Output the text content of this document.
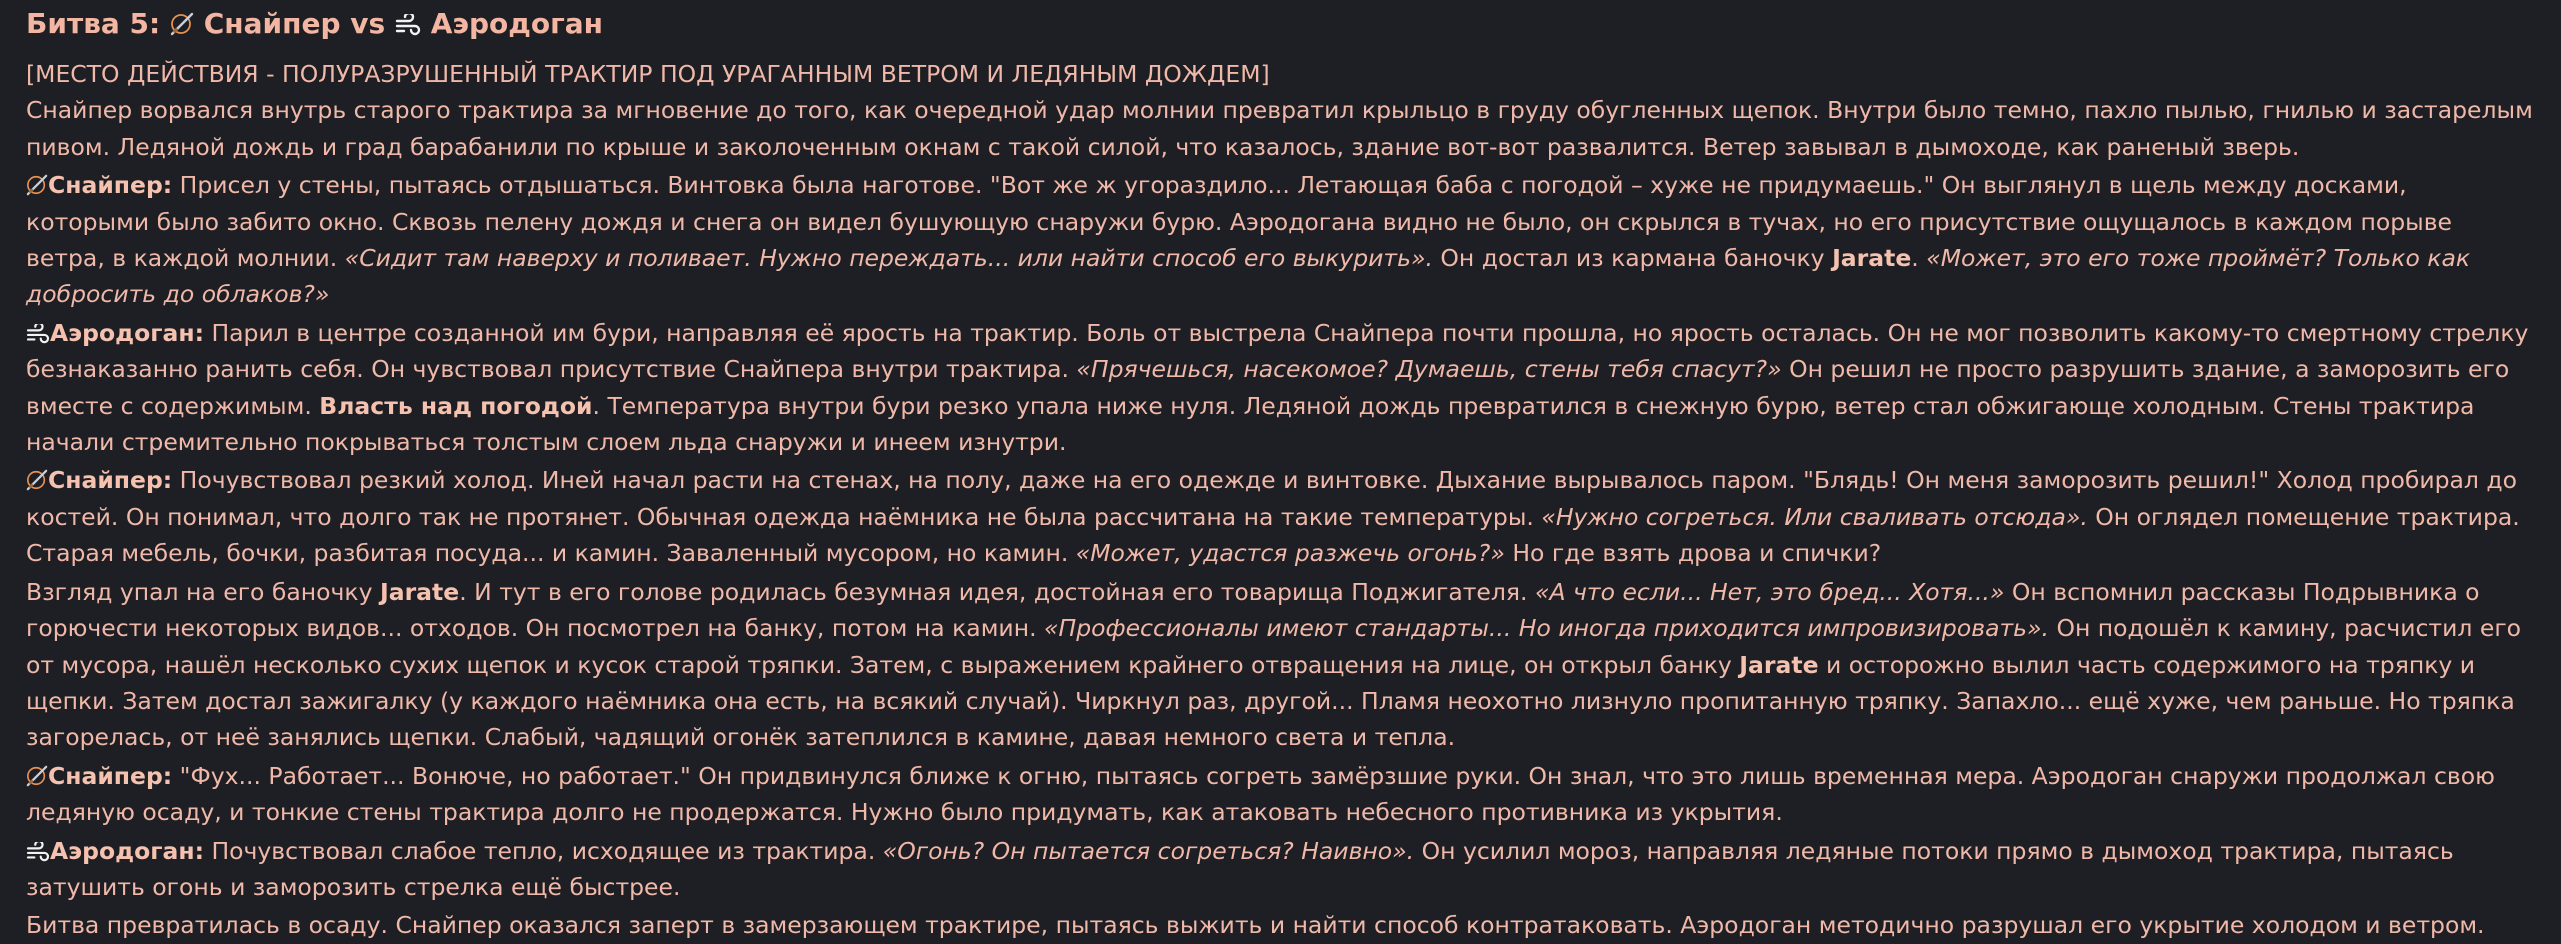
Битва 5: Снайпер vs Аэродоган
[МЕСТО ДЕЙСТВИЯ - ПОЛУРАЗРУШЕННЫЙ ТРАКТИР ПОД УРАГАННЫМ ВЕТРОМ И ЛЕДЯНЫМ ДОЖДЕМ]
Снайпер ворвался внутрь старого трактира за мгновение до того, как очередной удар молнии превратил крыльцо в груду обугленных щепок. Внутри было темно, пахло пылью, гнилью и застарелым пивом. Ледяной дождь и град барабанили по крыше и заколоченным окнам с такой силой, что казалось, здание вот-вот развалится. Ветер завывал в дымоходе, как раненый зверь.
Снайпер: Присел у стены, пытаясь отдышаться. Винтовка была наготове. "Вот же ж угораздило... Летающая баба с погодой – хуже не придумаешь." Он выглянул в щель между досками, которыми было забито окно. Сквозь пелену дождя и снега он видел бушующую снаружи бурю. Аэродогана видно не было, он скрылся в тучах, но его присутствие ощущалось в каждом порыве ветра, в каждой молнии. «Сидит там наверху и поливает. Нужно переждать... или найти способ его выкурить». Он достал из кармана баночку Jarate. «Может, это его тоже проймёт? Только как добросить до облаков?»
Аэродоган: Парил в центре созданной им бури, направляя её ярость на трактир. Боль от выстрела Снайпера почти прошла, но ярость осталась. Он не мог позволить какому-то смертному стрелку безнаказанно ранить себя. Он чувствовал присутствие Снайпера внутри трактира. «Прячешься, насекомое? Думаешь, стены тебя спасут?» Он решил не просто разрушить здание, а заморозить его вместе с содержимым. Власть над погодой. Температура внутри бури резко упала ниже нуля. Ледяной дождь превратился в снежную бурю, ветер стал обжигающе холодным. Стены трактира начали стремительно покрываться толстым слоем льда снаружи и инеем изнутри.
Снайпер: Почувствовал резкий холод. Иней начал расти на стенах, на полу, даже на его одежде и винтовке. Дыхание вырывалось паром. "Блядь! Он меня заморозить решил!" Холод пробирал до костей. Он понимал, что долго так не протянет. Обычная одежда наёмника не была рассчитана на такие температуры. «Нужно согреться. Или сваливать отсюда». Он оглядел помещение трактира. Старая мебель, бочки, разбитая посуда... и камин. Заваленный мусором, но камин. «Может, удастся разжечь огонь?» Но где взять дрова и спички?
Взгляд упал на его баночку Jarate. И тут в его голове родилась безумная идея, достойная его товарища Поджигателя. «А что если... Нет, это бред... Хотя...» Он вспомнил рассказы Подрывника о горючести некоторых видов... отходов. Он посмотрел на банку, потом на камин. «Профессионалы имеют стандарты... Но иногда приходится импровизировать». Он подошёл к камину, расчистил его от мусора, нашёл несколько сухих щепок и кусок старой тряпки. Затем, с выражением крайнего отвращения на лице, он открыл банку Jarate и осторожно вылил часть содержимого на тряпку и щепки. Затем достал зажигалку (у каждого наёмника она есть, на всякий случай). Чиркнул раз, другой... Пламя неохотно лизнуло пропитанную тряпку. Запахло... ещё хуже, чем раньше. Но тряпка загорелась, от неё занялись щепки. Слабый, чадящий огонёк затеплился в камине, давая немного света и тепла.
Снайпер: "Фух... Работает... Вонюче, но работает." Он придвинулся ближе к огню, пытаясь согреть замёрзшие руки. Он знал, что это лишь временная мера. Аэродоган снаружи продолжал свою ледяную осаду, и тонкие стены трактира долго не продержатся. Нужно было придумать, как атаковать небесного противника из укрытия.
Аэродоган: Почувствовал слабое тепло, исходящее из трактира. «Огонь? Он пытается согреться? Наивно». Он усилил мороз, направляя ледяные потоки прямо в дымоход трактира, пытаясь затушить огонь и заморозить стрелка ещё быстрее.
Битва превратилась в осаду. Снайпер оказался заперт в замерзающем трактире, пытаясь выжить и найти способ контратаковать. Аэродоган методично разрушал его укрытие холодом и ветром.
